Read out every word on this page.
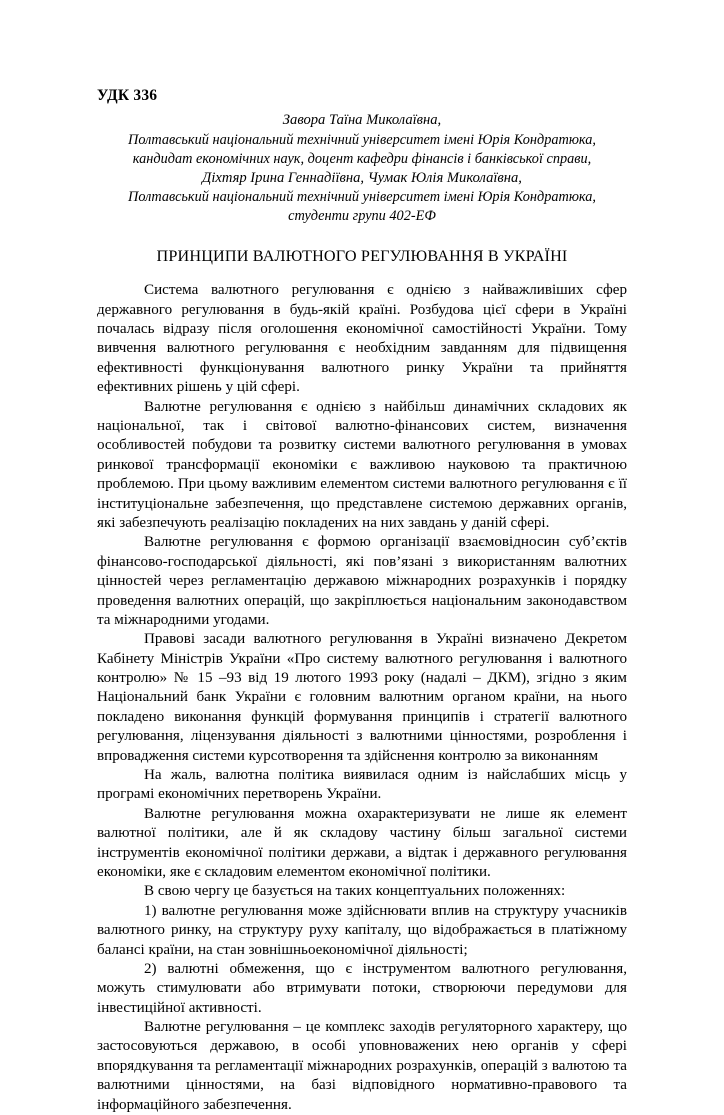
УДК 336
Завора Таїна Миколаївна,
Полтавський національний технічний університет імені Юрія Кондратюка,
кандидат економічних наук, доцент кафедри фінансів і банківської справи,
Діхтяр Ірина Геннадіївна, Чумак Юлія Миколаївна,
Полтавський національний технічний університет імені Юрія Кондратюка,
студенти групи 402-ЕФ
ПРИНЦИПИ ВАЛЮТНОГО РЕГУЛЮВАННЯ В УКРАЇНІ

Система валютного регулювання є однією з найважливіших сфер державного регулювання в будь-якій країні. Розбудова цієї сфери в Україні почалась відразу після оголошення економічної самостійності України. Тому вивчення валютного регулювання є необхідним завданням для підвищення ефективності функціонування валютного ринку України та прийняття ефективних рішень у цій сфері.

Валютне регулювання є однією з найбільш динамічних складових як національної, так і світової валютно-фінансових систем, визначення особливостей побудови та розвитку системи валютного регулювання в умовах ринкової трансформації економіки є важливою науковою та практичною проблемою. При цьому важливим елементом системи валютного регулювання є її інституціональне забезпечення, що представлене системою державних органів, які забезпечують реалізацію покладених на них завдань у даній сфері.

Валютне регулювання є формою організації взаємовідносин суб’єктів фінансово-господарської діяльності, які пов’язані з використанням валютних цінностей через регламентацію державою міжнародних розрахунків і порядку проведення валютних операцій, що закріплюється національним законодавством та міжнародними угодами.

Правові засади валютного регулювання в Україні визначено Декретом Кабінету Міністрів України «Про систему валютного регулювання і валютного контролю» № 15 –93 від 19 лютого 1993 року (надалі – ДКМ), згідно з яким Національний банк України є головним валютним органом країни, на нього покладено виконання функцій формування принципів і стратегії валютного регулювання, ліцензування діяльності з валютними цінностями, розроблення і впровадження системи курсотворення та здійснення контролю за виконанням

На жаль, валютна політика виявилася одним із найслабших місць у програмі економічних перетворень України.

Валютне регулювання можна охарактеризувати не лише як елемент валютної політики, але й як складову частину більш загальної системи інструментів економічної політики держави, а відтак і державного регулювання економіки, яке є складовим елементом економічної політики.

В свою чергу це базується на таких концептуальних положеннях:

1) валютне регулювання може здійснювати вплив на структуру учасників валютного ринку, на структуру руху капіталу, що відображається в платіжному балансі країни, на стан зовнішньоекономічної діяльності;

2) валютні обмеження, що є інструментом валютного регулювання, можуть стимулювати або втримувати потоки, створюючи передумови для інвестиційної активності.

Валютне регулювання – це комплекс заходів регуляторного характеру, що застосовуються державою, в особі уповноважених нею органів у сфері впорядкування та регламентації міжнародних розрахунків, операцій з валютою та валютними цінностями, на базі відповідного нормативно-правового та інформаційного забезпечення.
